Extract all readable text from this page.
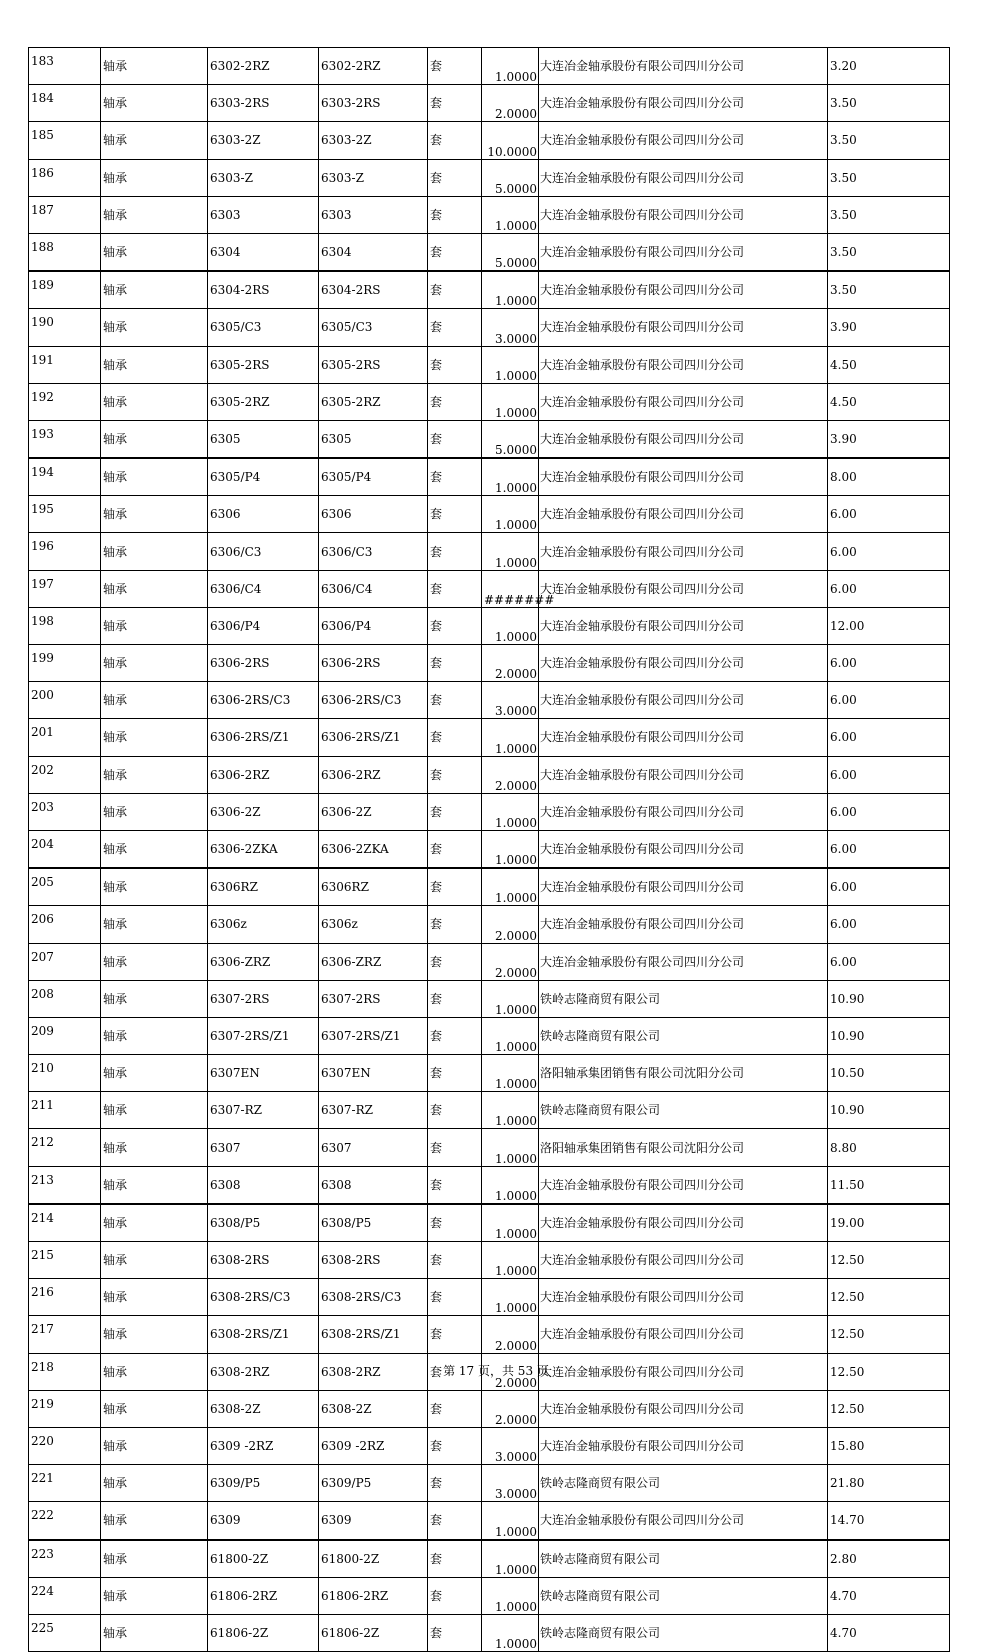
183	轴承	6302-2RZ	6302-2RZ	套	1.0000	大连冶金轴承股份有限公司四川分公司	3.20
184	轴承	6303-2RS	6303-2RS	套	2.0000	大连冶金轴承股份有限公司四川分公司	3.50
185	轴承	6303-2Z	6303-2Z	套	10.0000	大连冶金轴承股份有限公司四川分公司	3.50
186	轴承	6303-Z	6303-Z	套	5.0000	大连冶金轴承股份有限公司四川分公司	3.50
187	轴承	6303	6303	套	1.0000	大连冶金轴承股份有限公司四川分公司	3.50
188	轴承	6304	6304	套	5.0000	大连冶金轴承股份有限公司四川分公司	3.50
189	轴承	6304-2RS	6304-2RS	套	1.0000	大连冶金轴承股份有限公司四川分公司	3.50
190	轴承	6305/C3	6305/C3	套	3.0000	大连冶金轴承股份有限公司四川分公司	3.90
191	轴承	6305-2RS	6305-2RS	套	1.0000	大连冶金轴承股份有限公司四川分公司	4.50
192	轴承	6305-2RZ	6305-2RZ	套	1.0000	大连冶金轴承股份有限公司四川分公司	4.50
193	轴承	6305	6305	套	5.0000	大连冶金轴承股份有限公司四川分公司	3.90
194	轴承	6305/P4	6305/P4	套	1.0000	大连冶金轴承股份有限公司四川分公司	8.00
195	轴承	6306	6306	套	1.0000	大连冶金轴承股份有限公司四川分公司	6.00
196	轴承	6306/C3	6306/C3	套	1.0000	大连冶金轴承股份有限公司四川分公司	6.00
197	轴承	6306/C4	6306/C4	套	#######	大连冶金轴承股份有限公司四川分公司	6.00
198	轴承	6306/P4	6306/P4	套	1.0000	大连冶金轴承股份有限公司四川分公司	12.00
199	轴承	6306-2RS	6306-2RS	套	2.0000	大连冶金轴承股份有限公司四川分公司	6.00
200	轴承	6306-2RS/C3	6306-2RS/C3	套	3.0000	大连冶金轴承股份有限公司四川分公司	6.00
201	轴承	6306-2RS/Z1	6306-2RS/Z1	套	1.0000	大连冶金轴承股份有限公司四川分公司	6.00
202	轴承	6306-2RZ	6306-2RZ	套	2.0000	大连冶金轴承股份有限公司四川分公司	6.00
203	轴承	6306-2Z	6306-2Z	套	1.0000	大连冶金轴承股份有限公司四川分公司	6.00
204	轴承	6306-2ZKA	6306-2ZKA	套	1.0000	大连冶金轴承股份有限公司四川分公司	6.00
205	轴承	6306RZ	6306RZ	套	1.0000	大连冶金轴承股份有限公司四川分公司	6.00
206	轴承	6306z	6306z	套	2.0000	大连冶金轴承股份有限公司四川分公司	6.00
207	轴承	6306-ZRZ	6306-ZRZ	套	2.0000	大连冶金轴承股份有限公司四川分公司	6.00
208	轴承	6307-2RS	6307-2RS	套	1.0000	铁岭志隆商贸有限公司	10.90
209	轴承	6307-2RS/Z1	6307-2RS/Z1	套	1.0000	铁岭志隆商贸有限公司	10.90
210	轴承	6307EN	6307EN	套	1.0000	洛阳轴承集团销售有限公司沈阳分公司	10.50
211	轴承	6307-RZ	6307-RZ	套	1.0000	铁岭志隆商贸有限公司	10.90
212	轴承	6307	6307	套	1.0000	洛阳轴承集团销售有限公司沈阳分公司	8.80
213	轴承	6308	6308	套	1.0000	大连冶金轴承股份有限公司四川分公司	11.50
214	轴承	6308/P5	6308/P5	套	1.0000	大连冶金轴承股份有限公司四川分公司	19.00
215	轴承	6308-2RS	6308-2RS	套	1.0000	大连冶金轴承股份有限公司四川分公司	12.50
216	轴承	6308-2RS/C3	6308-2RS/C3	套	1.0000	大连冶金轴承股份有限公司四川分公司	12.50
217	轴承	6308-2RS/Z1	6308-2RS/Z1	套	2.0000	大连冶金轴承股份有限公司四川分公司	12.50
218	轴承	6308-2RZ	6308-2RZ	套	2.0000	大连冶金轴承股份有限公司四川分公司	12.50
219	轴承	6308-2Z	6308-2Z	套	2.0000	大连冶金轴承股份有限公司四川分公司	12.50
220	轴承	6309 -2RZ	6309 -2RZ	套	3.0000	大连冶金轴承股份有限公司四川分公司	15.80
221	轴承	6309/P5	6309/P5	套	3.0000	铁岭志隆商贸有限公司	21.80
222	轴承	6309	6309	套	1.0000	大连冶金轴承股份有限公司四川分公司	14.70
223	轴承	61800-2Z	61800-2Z	套	1.0000	铁岭志隆商贸有限公司	2.80
224	轴承	61806-2RZ	61806-2RZ	套	1.0000	铁岭志隆商贸有限公司	4.70
225	轴承	61806-2Z	61806-2Z	套	1.0000	铁岭志隆商贸有限公司	4.70
第 17 页，共 53 页
